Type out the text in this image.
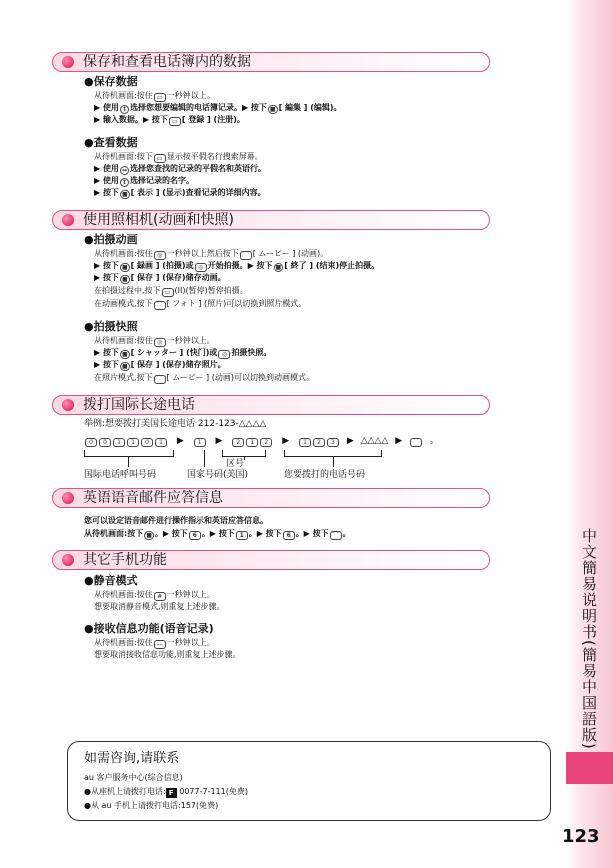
中文簡易说明书(簡易中国語版)
123
保存和查看电话簿内的数据
●保存数据
从待机画面:按住 ▭ 一秒钟以上。
▶ 使用 ↕ 选择您想要编辑的电话簿记录。▶ 按下 ■ [ 編集 ] (编辑)。
▶ 输入数据。▶ 按下 ▭ [ 登録 ] (注册)。
●查看数据
从待机画面:按下 ▭ 显示按平假名行搜索屏幕。
▶ 使用 ↔ 选择您查找的记录的平假名和英语行。
▶ 使用 ↕ 选择记录的名字。
▶ 按下 ■ [ 表示 ] (显示)查看记录的详细内容。
使用照相机(动画和快照)
●拍摄动画
从待机画面:按住 ◎ 一秒钟以上然后按下 ⌒ [ ムービー ] (动画)。
▶ 按下 ■ [ 録画 ] (拍摄)或 ◎ 开始拍摄。▶ 按下 ■ [ 終了 ] (结束)停止拍摄。
▶ 按下 ■ [ 保存 ] (保存)储存动画。
在拍摄过程中,按下 ▭ (II)(暂停)暂停拍摄。
在动画模式,按下 ⌒ [ フォト ] (照片)可以切换到照片模式。
●拍摄快照
从待机画面:按住 ◎ 一秒钟以上。
▶ 按下 ■ [ シャッター ] (快门)或 ◎ 拍摄快照。
▶ 按下 ■ [ 保存 ] (保存)储存照片。
在照片模式,按下 ⌒ [ ムービー ] (动画)可以切换到动画模式。
拨打国际长途电话
举例:想要拨打美国长途电话 212-123-△△△△
0 0 1 1 0 1 ▶ 1 ▶ 2 1 2 ▶ 1 2 3 ▶ △△△△ ▶ ⌒ 。
区号
国际电话呼叫号码	国家号码(美国)	您要拨打的电话号码
英语语音邮件应答信息
您可以设定语音邮件进行操作指示和英语应答信息。
从待机画面:按下 ■ 。▶ 按下 6 。▶ 按下 1 。▶ 按下 6 。▶ 按下 ⌒ 。
其它手机功能
●静音模式
从待机画面:按住 # 一秒钟以上。
想要取消静音模式,则重复上述步骤。
●接收信息功能(语音记录)
从待机画面:按住 — 一秒钟以上。
想要取消接收信息功能,则重复上述步骤。
如需咨询,请联系
au 客户服务中心(综合信息)
●从座机上请拨打电话: F 0077-7-111(免费)
●从 au 手机上请拨打电话:157(免费)
